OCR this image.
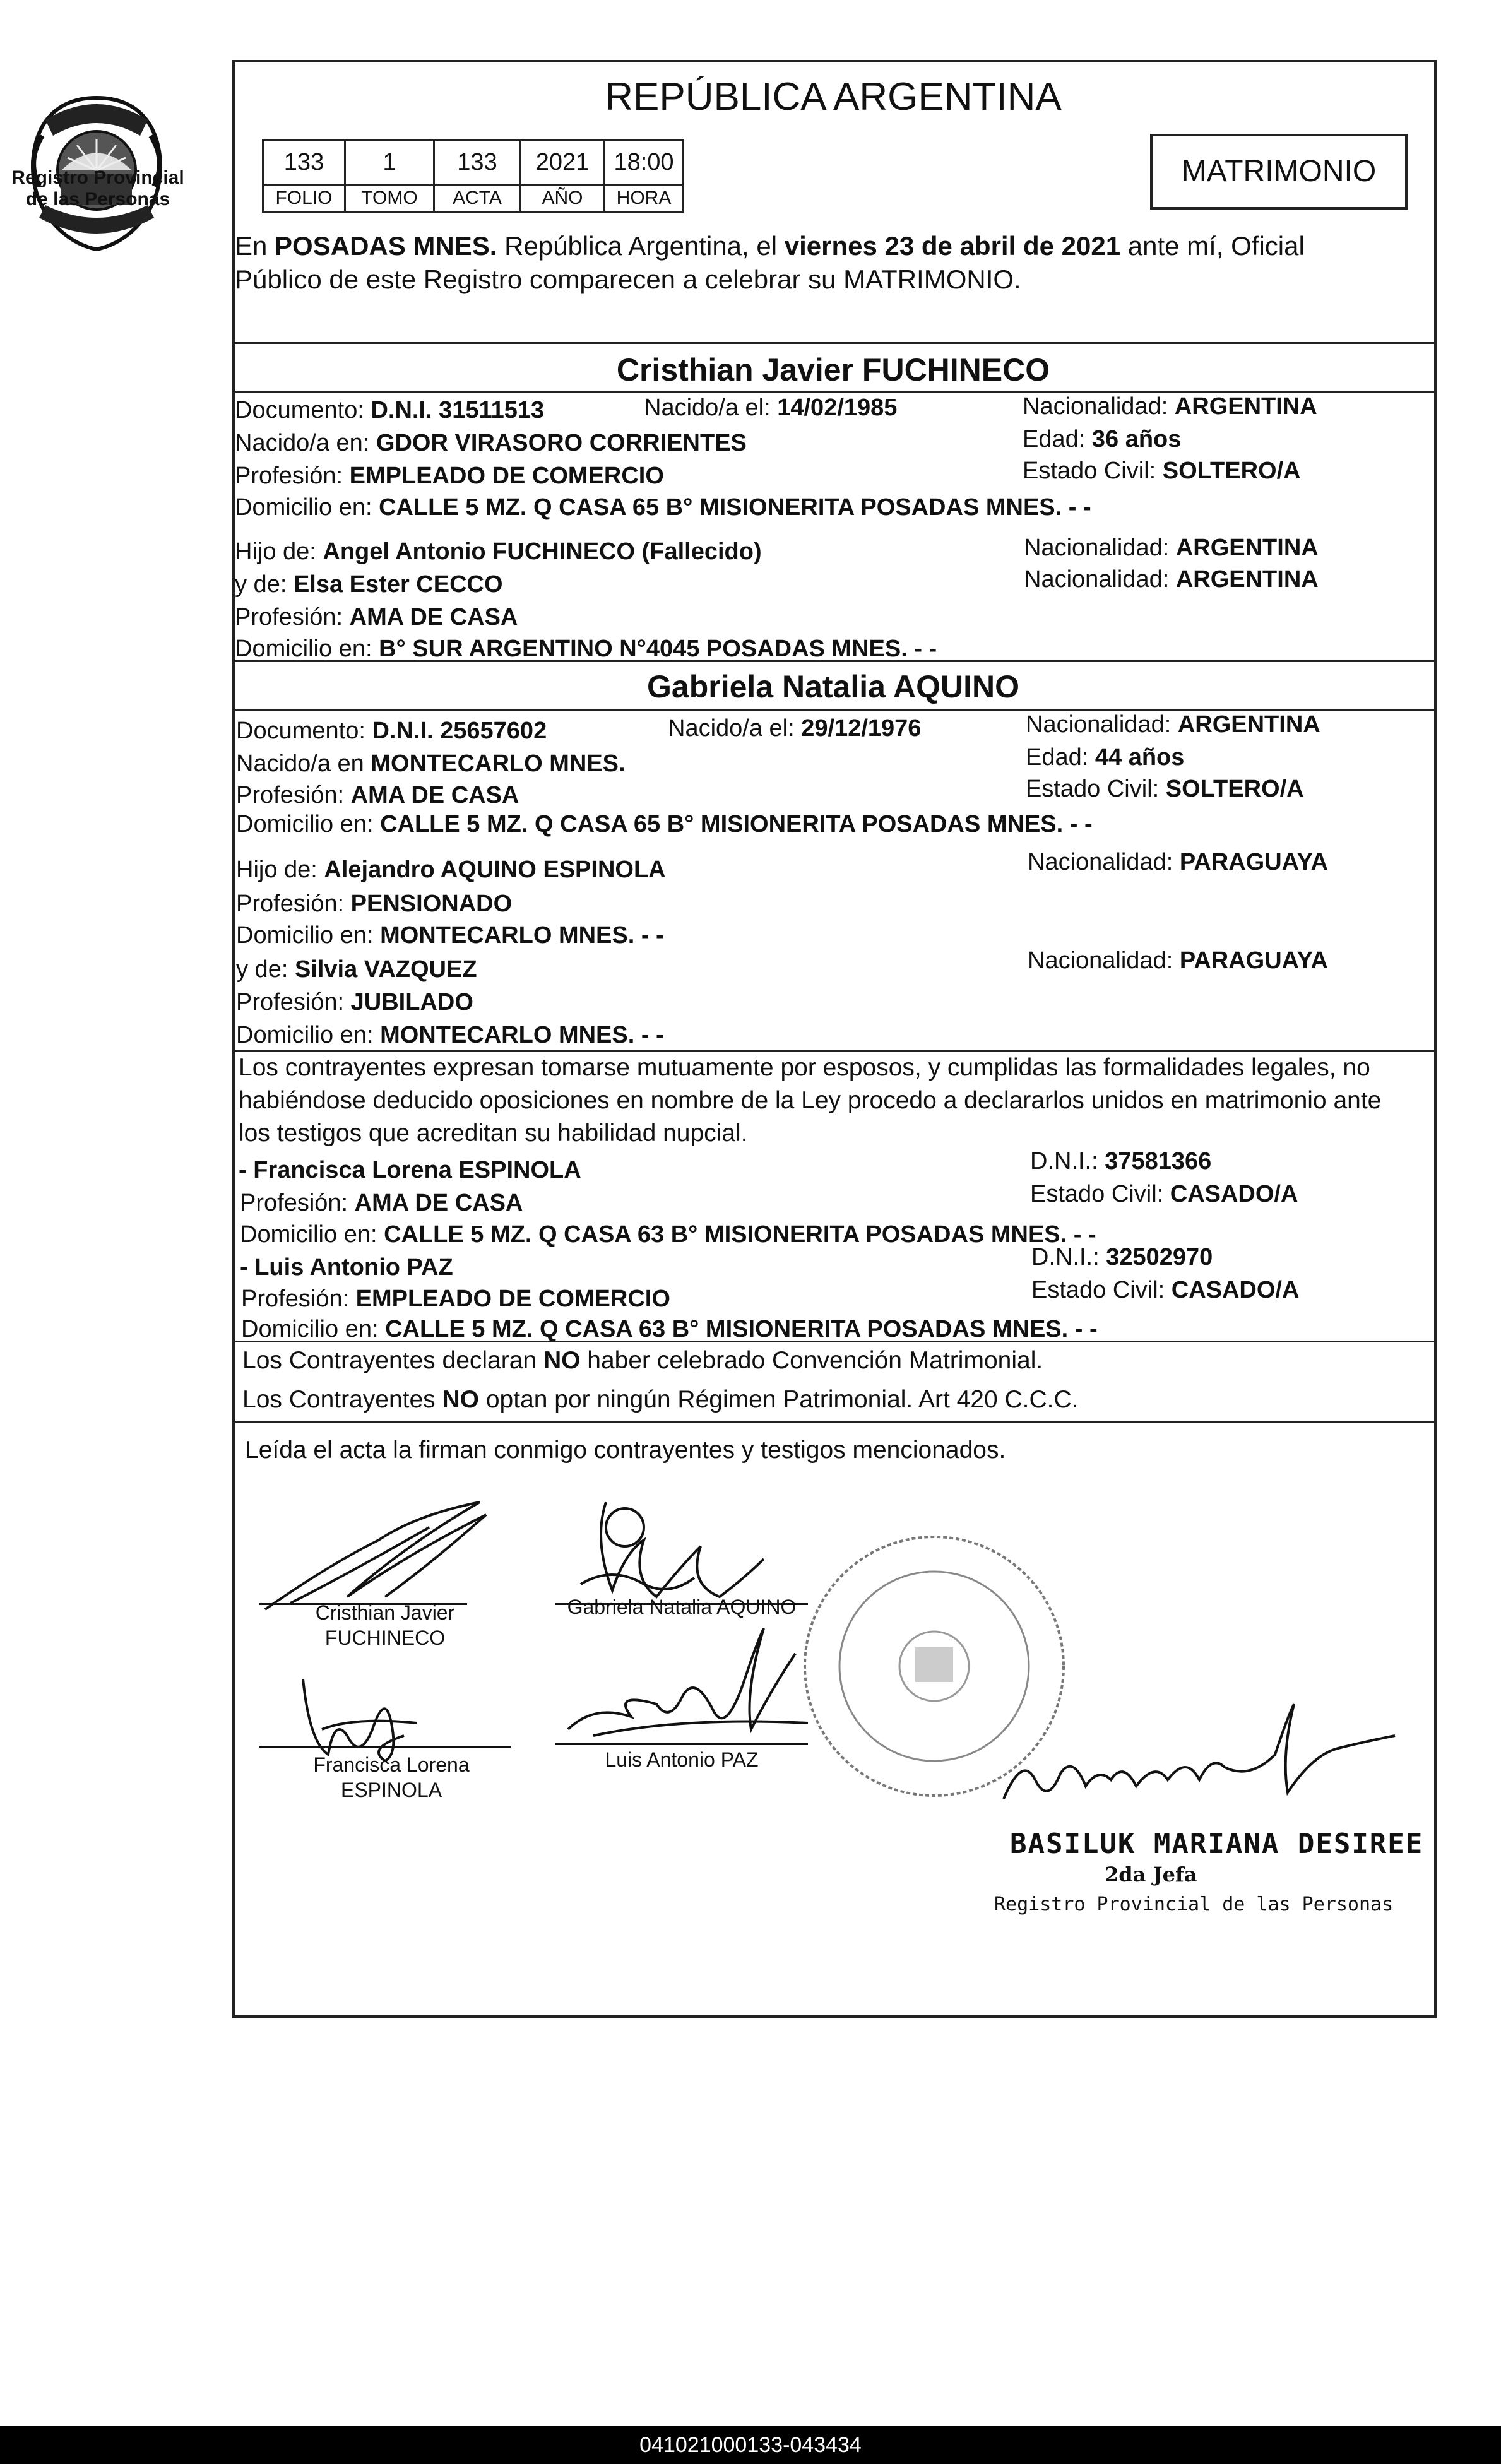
Registro Provincial
de las Personas
REPÚBLICA ARGENTINA
133	1	133	2021	18:00
FOLIO	TOMO	ACTA	AÑO	HORA
MATRIMONIO
En POSADAS MNES. República Argentina, el viernes 23 de abril de 2021 ante mí, Oficial
Público de este Registro comparecen a celebrar su MATRIMONIO.
Cristhian Javier FUCHINECO
Documento: D.N.I. 31511513	Nacido/a el: 14/02/1985	Nacionalidad: ARGENTINA
Nacido/a en: GDOR VIRASORO CORRIENTES	Edad: 36 años
Profesión: EMPLEADO DE COMERCIO	Estado Civil: SOLTERO/A
Domicilio en: CALLE 5 MZ. Q CASA 65 B° MISIONERITA POSADAS MNES. - -
Hijo de: Angel Antonio FUCHINECO (Fallecido)	Nacionalidad: ARGENTINA
y de: Elsa Ester CECCO	Nacionalidad: ARGENTINA
Profesión: AMA DE CASA
Domicilio en: B° SUR ARGENTINO N°4045 POSADAS MNES. - -
Gabriela Natalia AQUINO
Documento: D.N.I. 25657602	Nacido/a el: 29/12/1976	Nacionalidad: ARGENTINA
Nacido/a en MONTECARLO MNES.	Edad: 44 años
Profesión: AMA DE CASA	Estado Civil: SOLTERO/A
Domicilio en: CALLE 5 MZ. Q CASA 65 B° MISIONERITA POSADAS MNES. - -
Hijo de: Alejandro AQUINO ESPINOLA	Nacionalidad: PARAGUAYA
Profesión: PENSIONADO
Domicilio en: MONTECARLO MNES. - -
y de: Silvia VAZQUEZ	Nacionalidad: PARAGUAYA
Profesión: JUBILADO
Domicilio en: MONTECARLO MNES. - -
Los contrayentes expresan tomarse mutuamente por esposos, y cumplidas las formalidades legales, no
habiéndose deducido oposiciones en nombre de la Ley procedo a declararlos unidos en matrimonio ante
los testigos que acreditan su habilidad nupcial.
- Francisca Lorena ESPINOLA	D.N.I.: 37581366
Profesión: AMA DE CASA	Estado Civil: CASADO/A
Domicilio en: CALLE 5 MZ. Q CASA 63 B° MISIONERITA POSADAS MNES. - -
- Luis Antonio PAZ	D.N.I.: 32502970
Profesión: EMPLEADO DE COMERCIO	Estado Civil: CASADO/A
Domicilio en: CALLE 5 MZ. Q CASA 63 B° MISIONERITA POSADAS MNES. - -
Los Contrayentes declaran NO haber celebrado Convención Matrimonial.
Los Contrayentes NO optan por ningún Régimen Patrimonial. Art 420 C.C.C.
Leída el acta la firman conmigo contrayentes y testigos mencionados.
Cristhian Javier
FUCHINECO
Gabriela Natalia AQUINO
Francisca Lorena
ESPINOLA
Luis Antonio PAZ
BASILUK MARIANA DESIREE
2da Jefa
Registro Provincial de las Personas
041021000133-043434
